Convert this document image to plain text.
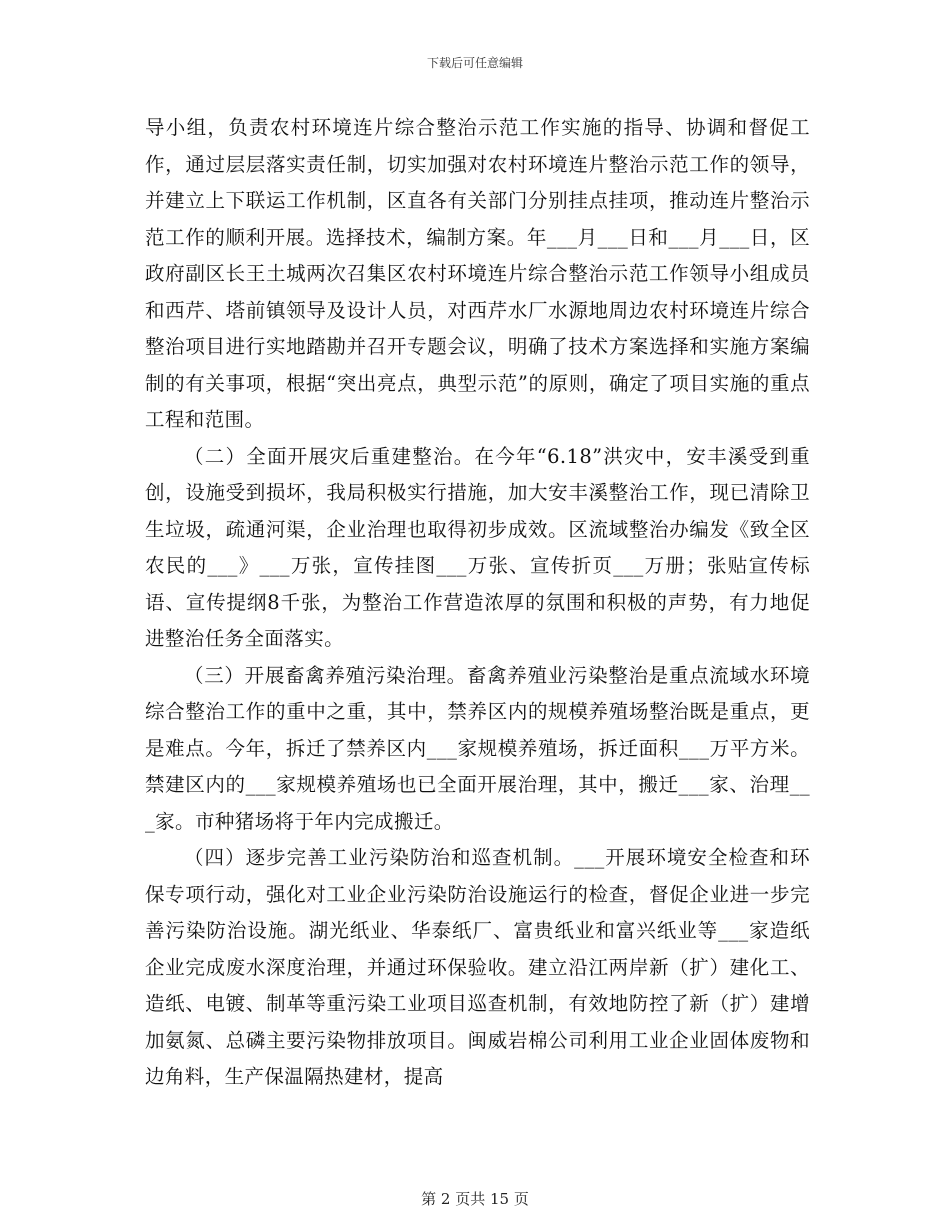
下载后可任意编辑

导小组，负责农村环境连片综合整治示范工作实施的指导、协调和督促工作，通过层层落实责任制，切实加强对农村环境连片整治示范工作的领导，并建立上下联运工作机制，区直各有关部门分别挂点挂项，推动连片整治示范工作的顺利开展。选择技术，编制方案。年___月___日和___月___日，区政府副区长王土城两次召集区农村环境连片综合整治示范工作领导小组成员和西芹、塔前镇领导及设计人员，对西芹水厂水源地周边农村环境连片综合整治项目进行实地踏勘并召开专题会议，明确了技术方案选择和实施方案编制的有关事项，根据“突出亮点，典型示范”的原则，确定了项目实施的重点工程和范围。

（二）全面开展灾后重建整治。在今年“6.18”洪灾中，安丰溪受到重创，设施受到损坏，我局积极实行措施，加大安丰溪整治工作，现已清除卫生垃圾，疏通河渠，企业治理也取得初步成效。区流域整治办编发《致全区农民的___》___万张，宣传挂图___万张、宣传折页___万册；张贴宣传标语、宣传提纲8千张，为整治工作营造浓厚的氛围和积极的声势，有力地促进整治任务全面落实。

（三）开展畜禽养殖污染治理。畜禽养殖业污染整治是重点流域水环境综合整治工作的重中之重，其中，禁养区内的规模养殖场整治既是重点，更是难点。今年，拆迁了禁养区内___家规模养殖场，拆迁面积___万平方米。禁建区内的___家规模养殖场也已全面开展治理，其中，搬迁___家、治理___家。市种猪场将于年内完成搬迁。

（四）逐步完善工业污染防治和巡查机制。___开展环境安全检查和环保专项行动，强化对工业企业污染防治设施运行的检查，督促企业进一步完善污染防治设施。湖光纸业、华泰纸厂、富贵纸业和富兴纸业等___家造纸企业完成废水深度治理，并通过环保验收。建立沿江两岸新（扩）建化工、造纸、电镀、制革等重污染工业项目巡查机制，有效地防控了新（扩）建增加氨氮、总磷主要污染物排放项目。闽威岩棉公司利用工业企业固体废物和边角料，生产保温隔热建材，提高

第 2 页共 15 页
